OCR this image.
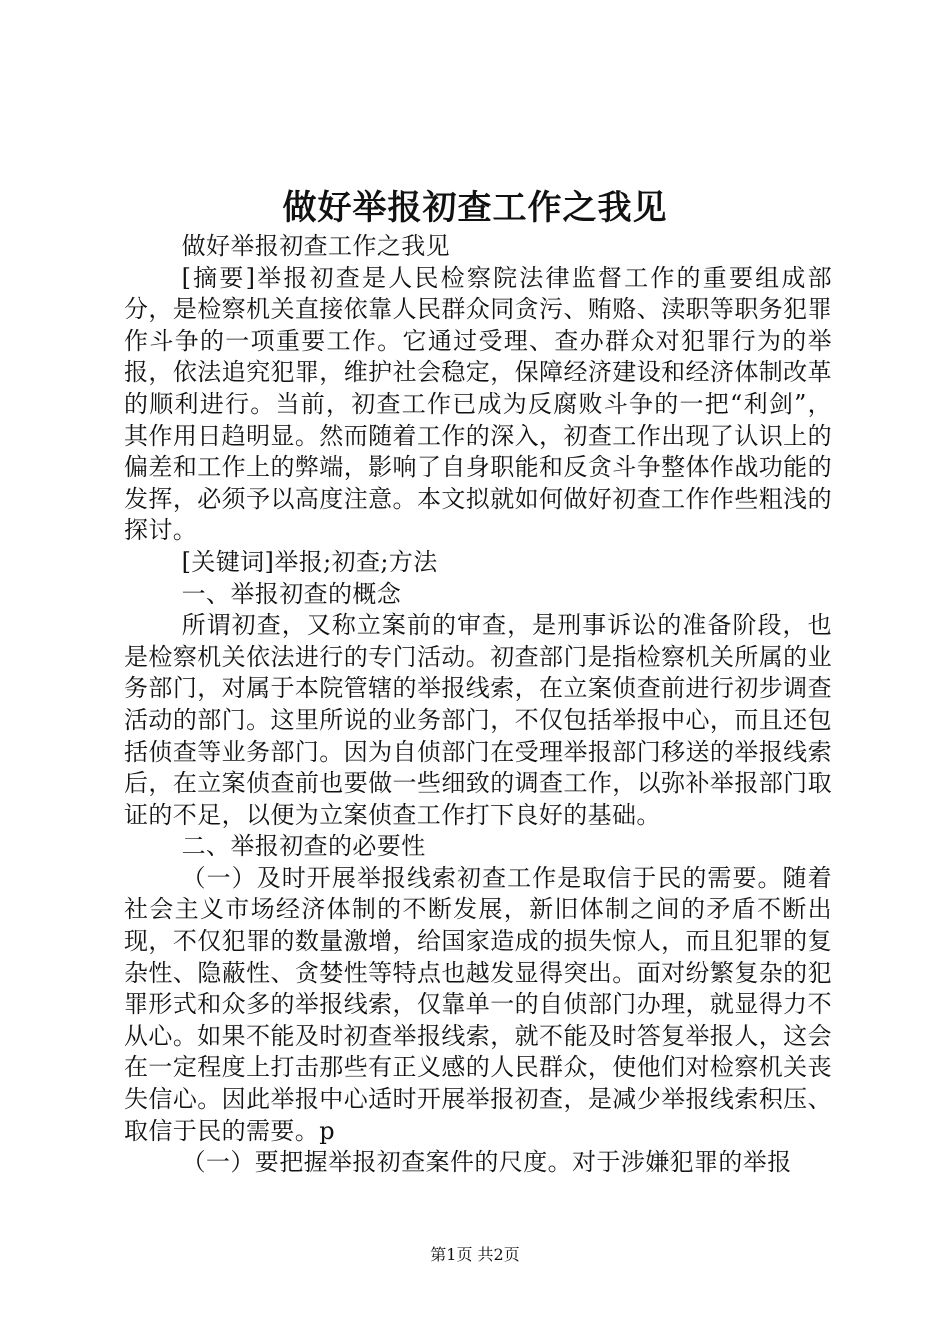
做好举报初查工作之我见

做好举报初查工作之我见

[摘要]举报初查是人民检察院法律监督工作的重要组成部分，是检察机关直接依靠人民群众同贪污、贿赂、渎职等职务犯罪作斗争的一项重要工作。它通过受理、查办群众对犯罪行为的举报，依法追究犯罪，维护社会稳定，保障经济建设和经济体制改革的顺利进行。当前，初查工作已成为反腐败斗争的一把“利剑”，其作用日趋明显。然而随着工作的深入，初查工作出现了认识上的偏差和工作上的弊端，影响了自身职能和反贪斗争整体作战功能的发挥，必须予以高度注意。本文拟就如何做好初查工作作些粗浅的探讨。

[关键词]举报;初查;方法

一、举报初查的概念

所谓初查，又称立案前的审查，是刑事诉讼的准备阶段，也是检察机关依法进行的专门活动。初查部门是指检察机关所属的业务部门，对属于本院管辖的举报线索，在立案侦查前进行初步调查活动的部门。这里所说的业务部门，不仅包括举报中心，而且还包括侦查等业务部门。因为自侦部门在受理举报部门移送的举报线索后，在立案侦查前也要做一些细致的调查工作，以弥补举报部门取证的不足，以便为立案侦查工作打下良好的基础。

二、举报初查的必要性

（一）及时开展举报线索初查工作是取信于民的需要。随着社会主义市场经济体制的不断发展，新旧体制之间的矛盾不断出现，不仅犯罪的数量激增，给国家造成的损失惊人，而且犯罪的复杂性、隐蔽性、贪婪性等特点也越发显得突出。面对纷繁复杂的犯罪形式和众多的举报线索，仅靠单一的自侦部门办理，就显得力不从心。如果不能及时初查举报线索，就不能及时答复举报人，这会在一定程度上打击那些有正义感的人民群众，使他们对检察机关丧失信心。因此举报中心适时开展举报初查，是减少举报线索积压、取信于民的需要。p

（一）要把握举报初查案件的尺度。对于涉嫌犯罪的举报

第1页 共2页
